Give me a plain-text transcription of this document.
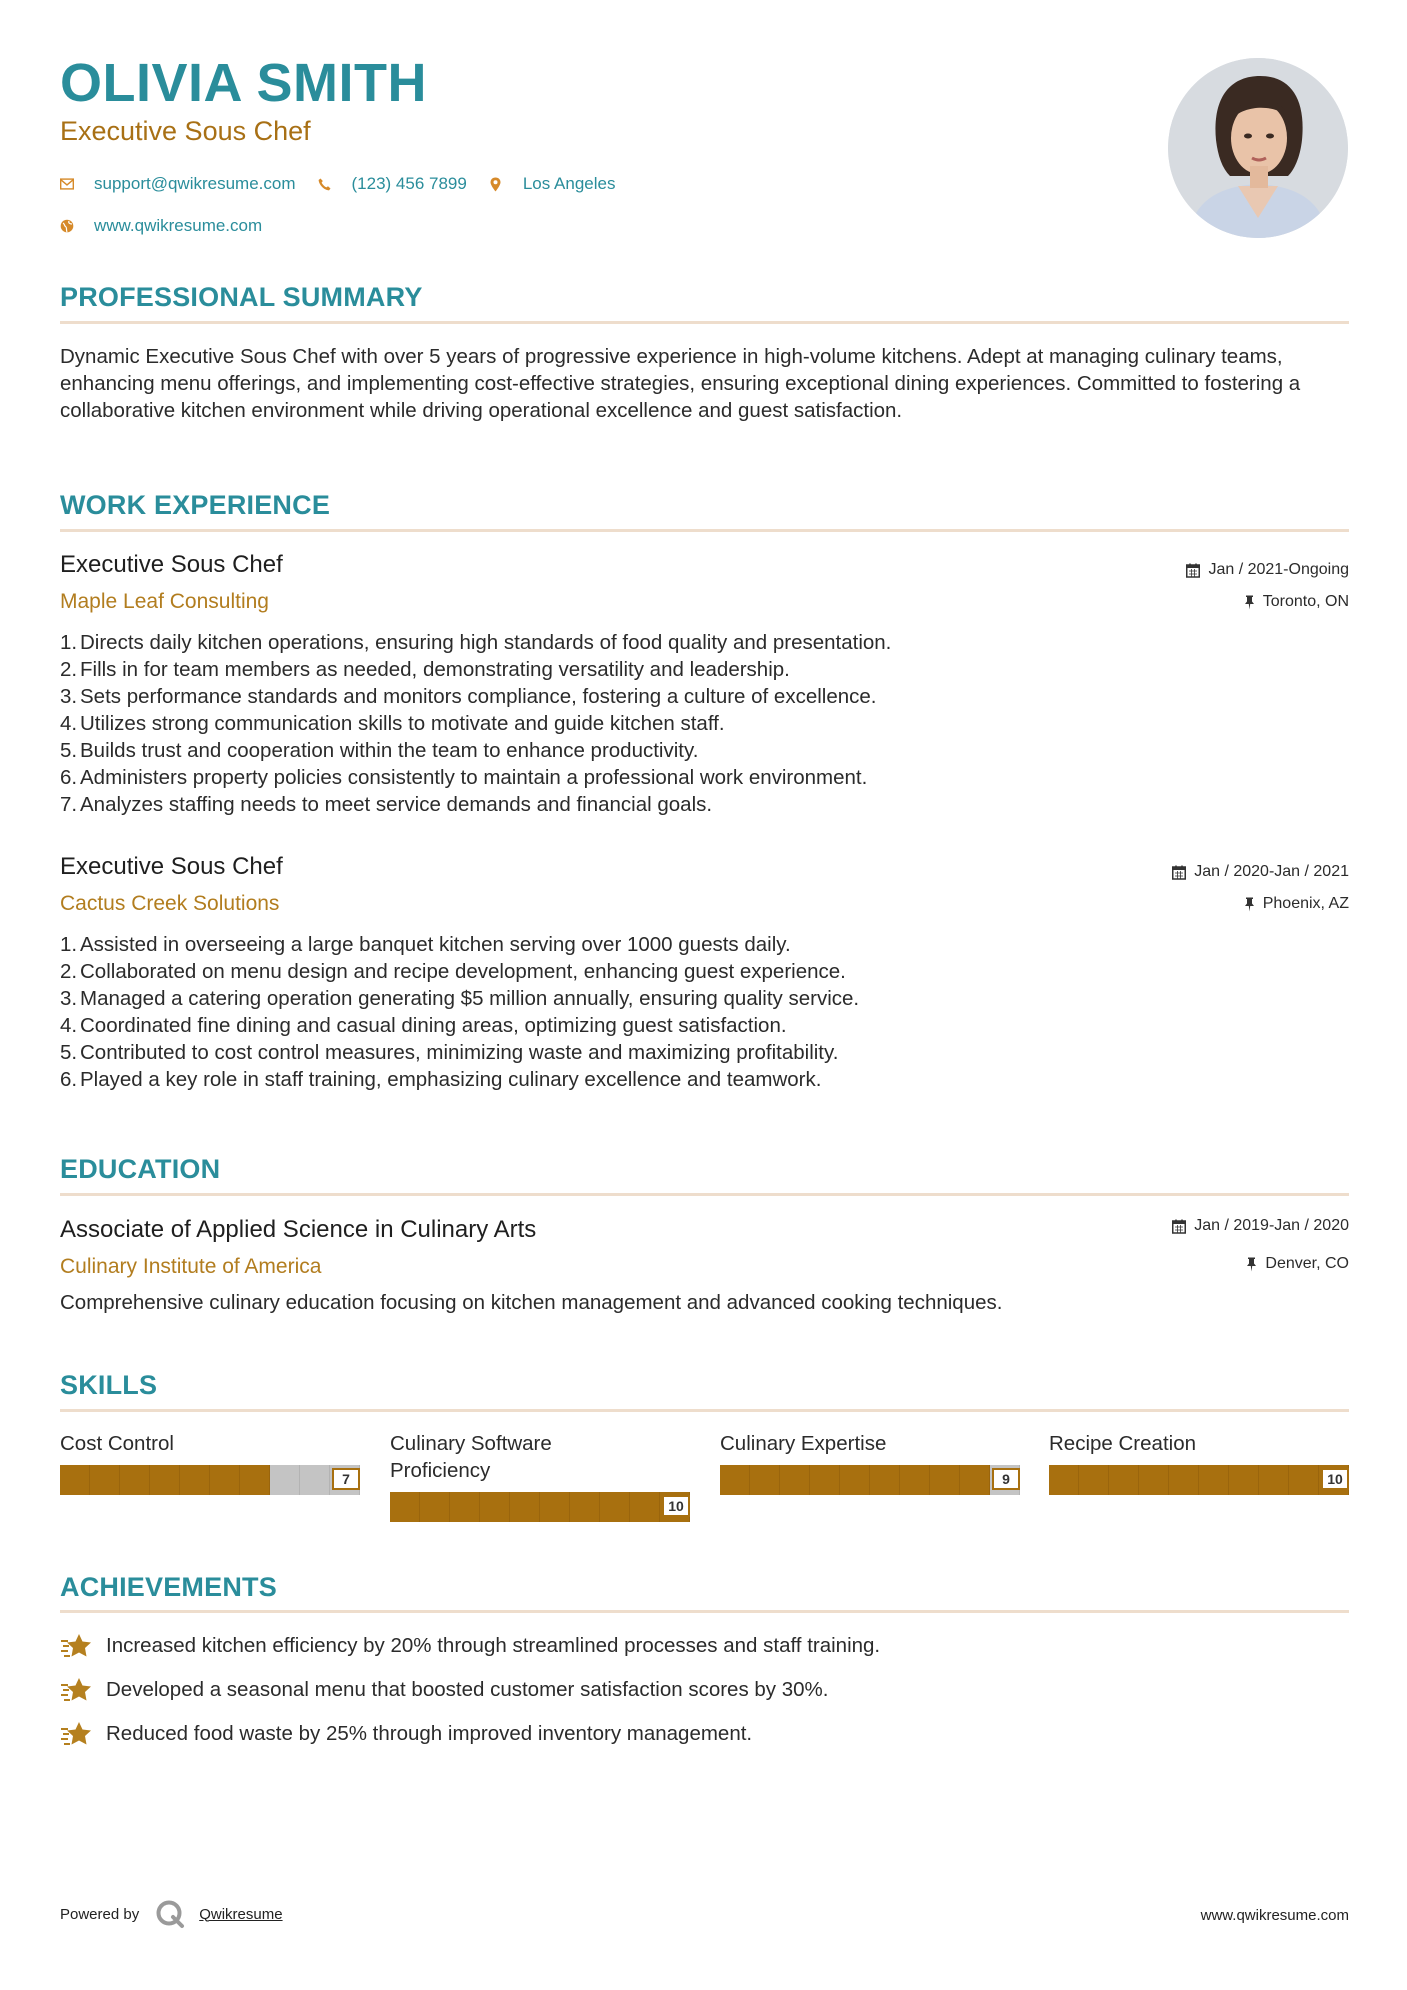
OLIVIA SMITH
Executive Sous Chef
support@qwikresume.com	(123) 456 7899	Los Angeles
www.qwikresume.com
PROFESSIONAL SUMMARY

Dynamic Executive Sous Chef with over 5 years of progressive experience in high-volume kitchens. Adept at managing culinary teams, enhancing menu offerings, and implementing cost-effective strategies, ensuring exceptional dining experiences. Committed to fostering a collaborative kitchen environment while driving operational excellence and guest satisfaction.

WORK EXPERIENCE
Executive Sous Chef
Maple Leaf Consulting
Jan / 2021-Ongoing
Toronto, ON
1. Directs daily kitchen operations, ensuring high standards of food quality and presentation.
2. Fills in for team members as needed, demonstrating versatility and leadership.
3. Sets performance standards and monitors compliance, fostering a culture of excellence.
4. Utilizes strong communication skills to motivate and guide kitchen staff.
5. Builds trust and cooperation within the team to enhance productivity.
6. Administers property policies consistently to maintain a professional work environment.
7. Analyzes staffing needs to meet service demands and financial goals.
Executive Sous Chef
Cactus Creek Solutions
Jan / 2020-Jan / 2021
Phoenix, AZ
1. Assisted in overseeing a large banquet kitchen serving over 1000 guests daily.
2. Collaborated on menu design and recipe development, enhancing guest experience.
3. Managed a catering operation generating $5 million annually, ensuring quality service.
4. Coordinated fine dining and casual dining areas, optimizing guest satisfaction.
5. Contributed to cost control measures, minimizing waste and maximizing profitability.
6. Played a key role in staff training, emphasizing culinary excellence and teamwork.
EDUCATION
Associate of Applied Science in Culinary Arts
Culinary Institute of America
Jan / 2019-Jan / 2020
Denver, CO

Comprehensive culinary education focusing on kitchen management and advanced cooking techniques.

SKILLS
Cost Control
7
Culinary Software Proficiency
10
Culinary Expertise
9
Recipe Creation
10
ACHIEVEMENTS
Increased kitchen efficiency by 20% through streamlined processes and staff training.
Developed a seasonal menu that boosted customer satisfaction scores by 30%.
Reduced food waste by 25% through improved inventory management.
Powered by	Qwikresume	www.qwikresume.com
